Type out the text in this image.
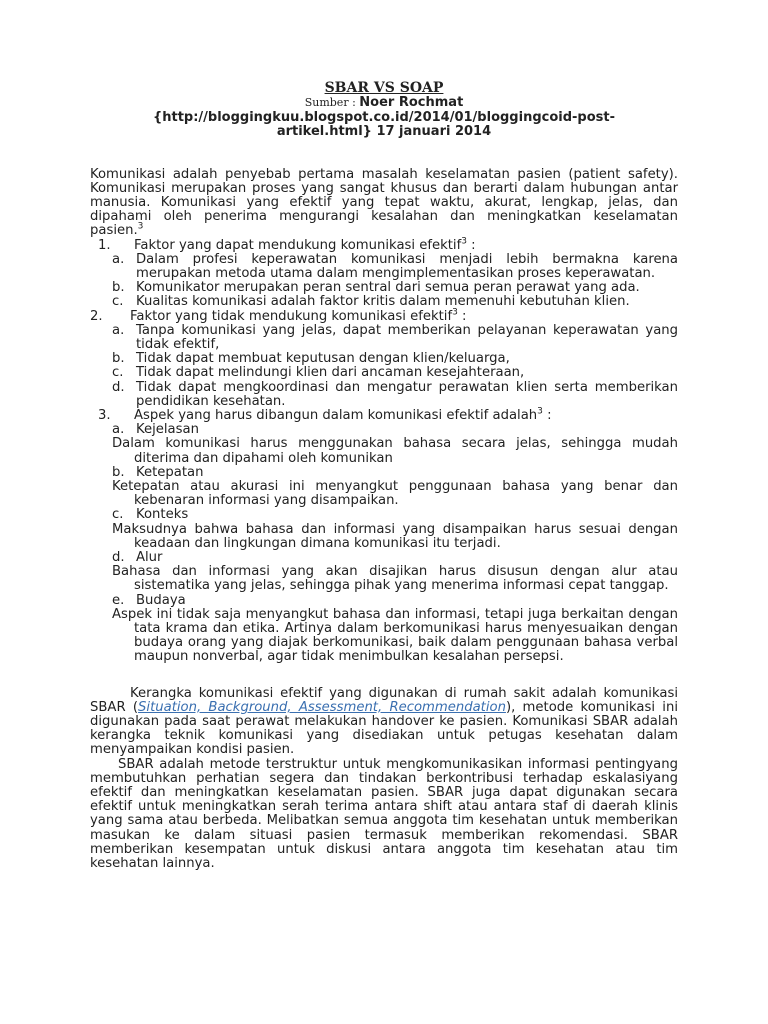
SBAR VS SOAP

Sumber : Noer Rochmat
{http://bloggingkuu.blogspot.co.id/2014/01/bloggingcoid-post-
artikel.html} 17 januari 2014

Komunikasi adalah penyebab pertama masalah keselamatan pasien (patient safety). Komunikasi merupakan proses yang sangat khusus dan berarti dalam hubungan antar manusia. Komunikasi yang efektif yang tepat waktu, akurat, lengkap, jelas, dan dipahami oleh penerima mengurangi kesalahan dan meningkatkan keselamatan pasien.$^3$

1. Faktor yang dapat mendukung komunikasi efektif$^3$ :
a. Dalam profesi keperawatan komunikasi menjadi lebih bermakna karena merupakan metoda utama dalam mengimplementasikan proses keperawatan.
b. Komunikator merupakan peran sentral dari semua peran perawat yang ada.
c. Kualitas komunikasi adalah faktor kritis dalam memenuhi kebutuhan klien.
2. Faktor yang tidak mendukung komunikasi efektif$^3$ :
a. Tanpa komunikasi yang jelas, dapat memberikan pelayanan keperawatan yang tidak efektif,
b. Tidak dapat membuat keputusan dengan klien/keluarga,
c. Tidak dapat melindungi klien dari ancaman kesejahteraan,
d. Tidak dapat mengkoordinasi dan mengatur perawatan klien serta memberikan pendidikan kesehatan.
3. Aspek yang harus dibangun dalam komunikasi efektif adalah$^3$ :
a. Kejelasan

Dalam komunikasi harus menggunakan bahasa secara jelas, sehingga mudah diterima dan dipahami oleh komunikan

b. Ketepatan

Ketepatan atau akurasi ini menyangkut penggunaan bahasa yang benar dan kebenaran informasi yang disampaikan.

c. Konteks

Maksudnya bahwa bahasa dan informasi yang disampaikan harus sesuai dengan keadaan dan lingkungan dimana komunikasi itu terjadi.

d. Alur

Bahasa dan informasi yang akan disajikan harus disusun dengan alur atau sistematika yang jelas, sehingga pihak yang menerima informasi cepat tanggap.

e. Budaya

Aspek ini tidak saja menyangkut bahasa dan informasi, tetapi juga berkaitan dengan tata krama dan etika. Artinya dalam berkomunikasi harus menyesuaikan dengan budaya orang yang diajak berkomunikasi, baik dalam penggunaan bahasa verbal maupun nonverbal, agar tidak menimbulkan kesalahan persepsi.

Kerangka komunikasi efektif yang digunakan di rumah sakit adalah komunikasi SBAR (Situation, Background, Assessment, Recommendation), metode komunikasi ini digunakan pada saat perawat melakukan handover ke pasien. Komunikasi SBAR adalah kerangka teknik komunikasi yang disediakan untuk petugas kesehatan dalam menyampaikan kondisi pasien.

SBAR adalah metode terstruktur untuk mengkomunikasikan informasi pentingyang membutuhkan perhatian segera dan tindakan berkontribusi terhadap eskalasiyang efektif dan meningkatkan keselamatan pasien. SBAR juga dapat digunakan secara efektif untuk meningkatkan serah terima antara shift atau antara staf di daerah klinis yang sama atau berbeda. Melibatkan semua anggota tim kesehatan untuk memberikan masukan ke dalam situasi pasien termasuk memberikan rekomendasi. SBAR memberikan kesempatan untuk diskusi antara anggota tim kesehatan atau tim kesehatan lainnya.
